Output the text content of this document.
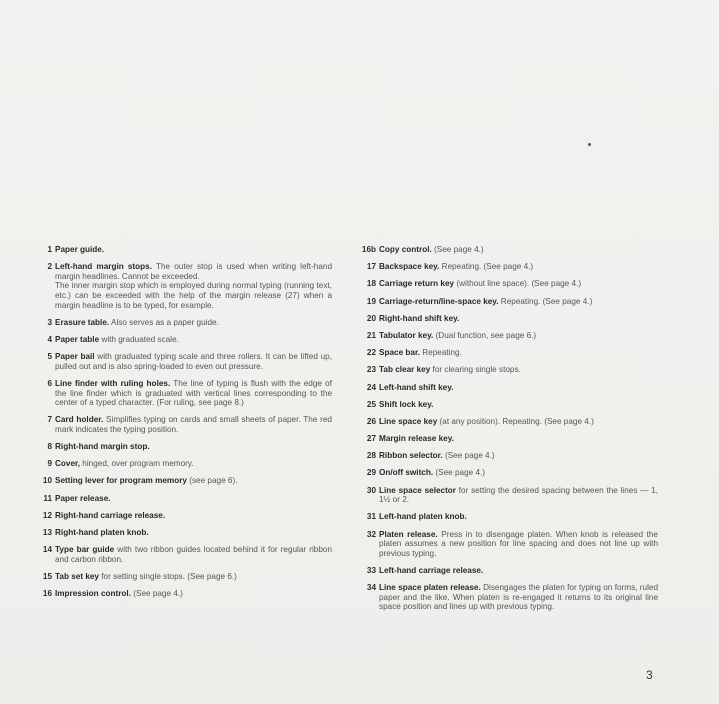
1 Paper guide.
2 Left-hand margin stops. The outer stop is used when writing left-hand margin headlines. Cannot be exceeded.
The inner margin stop which is employed during normal typing (running text, etc.) can be exceeded with the help of the margin release (27) when a margin headline is to be typed, for example.
3 Erasure table. Also serves as a paper guide.
4 Paper table with graduated scale.
5 Paper bail with graduated typing scale and three rollers. It can be lifted up, pulled out and is also spring-loaded to even out pressure.
6 Line finder with ruling holes. The line of typing is flush with the edge of the line finder which is graduated with vertical lines corresponding to the center of a typed character. (For ruling, see page 8.)
7 Card holder. Simplifies typing on cards and small sheets of paper. The red mark indicates the typing position.
8 Right-hand margin stop.
9 Cover, hinged, over program memory.
10 Setting lever for program memory (see page 6).
11 Paper release.
12 Right-hand carriage release.
13 Right-hand platen knob.
14 Type bar guide with two ribbon guides located behind it for regular ribbon and carbon ribbon.
15 Tab set key for setting single stops. (See page 6.)
16 Impression control. (See page 4.)
16b Copy control. (See page 4.)
17 Backspace key. Repeating. (See page 4.)
18 Carriage return key (without line space). (See page 4.)
19 Carriage-return/line-space key. Repeating. (See page 4.)
20 Right-hand shift key.
21 Tabulator key. (Dual function, see page 6.)
22 Space bar. Repeating.
23 Tab clear key for clearing single stops.
24 Left-hand shift key.
25 Shift lock key.
26 Line space key (at any position). Repeating. (See page 4.)
27 Margin release key.
28 Ribbon selector. (See page 4.)
29 On/off switch. (See page 4.)
30 Line space selector for setting the desired spacing between the lines — 1, 1½ or 2.
31 Left-hand platen knob.
32 Platen release. Press in to disengage platen. When knob is released the platen assumes a new position for line spacing and does not line up with previous typing.
33 Left-hand carriage release.
34 Line space platen release. Disengages the platen for typing on forms, ruled paper and the like. When platen is re-engaged it returns to its original line space position and lines up with previous typing.
3
